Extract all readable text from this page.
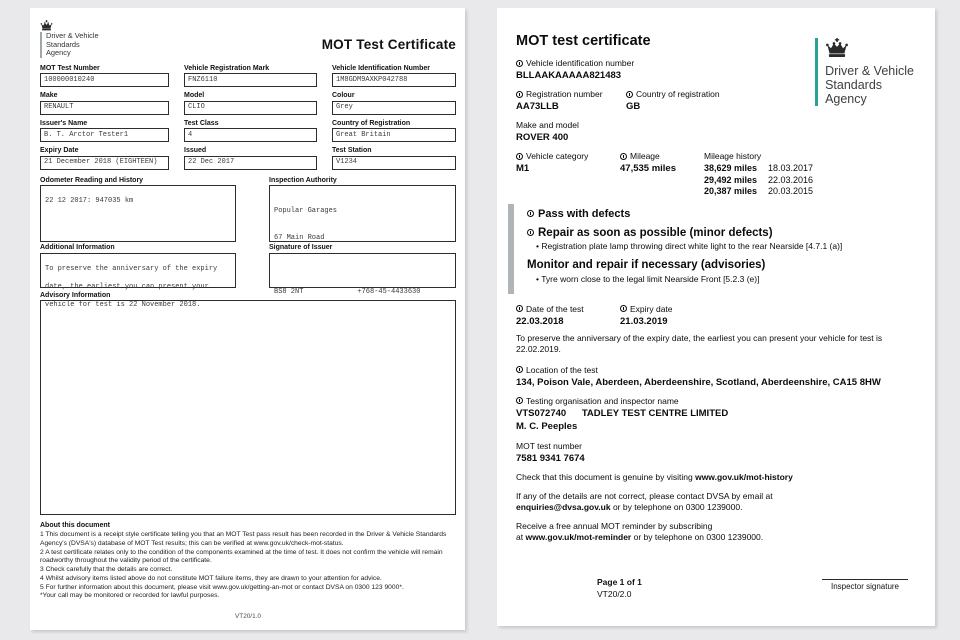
Driver & Vehicle
Standards
Agency
MOT Test Certificate
MOT Test Number
100000010240
Vehicle Registration Mark
FNZ6110
Vehicle Identification Number
1M8GDM9AXKP042788
Make
RENAULT
Model
CLIO
Colour
Grey
Issuer's Name
B. T. Arctor Tester1
Test Class
4
Country of Registration
Great Britain
Expiry Date
21 December 2018 (EIGHTEEN)
Issued
22 Dec 2017
Test Station
V1234
Odometer Reading and History
22 12 2017: 947035 km
Inspection Authority

Popular Garages

67 Main Road

BS8 2NT	+768-45-4433630

Additional Information
To preserve the anniversary of the expiry date, the earliest you can present your vehicle for test is 22 November 2018.
Signature of Issuer
Advisory Information
About this document
1 This document is a receipt style certificate telling you that an MOT Test pass result has been recorded in the Driver & Vehicle Standards Agency's (DVSA's) database of MOT Test results; this can be verified at www.gov.uk/check-mot-status.
2 A test certificate relates only to the condition of the components examined at the time of test. It does not confirm the vehicle will remain roadworthy throughout the validity period of the certificate.
3 Check carefully that the details are correct.
4 Whilst advisory items listed above do not constitute MOT failure items, they are drawn to your attention for advice.
5 For further information about this document, please visit www.gov.uk/getting-an-mot or contact DVSA on 0300 123 9000*.
*Your call may be monitored or recorded for lawful purposes.
VT20/1.0
Driver & Vehicle
Standards
Agency
MOT test certificate
Vehicle identification number
BLLAAKAAAAA821483
Registration number
AA73LLB
Country of registration
GB
Make and model
ROVER 400
Vehicle category
M1
Mileage
47,535 miles
Mileage history
38,629 miles	18.03.2017
29,492 miles	22.03.2016
20,387 miles	20.03.2015
Pass with defects
Repair as soon as possible (minor defects)
• Registration plate lamp throwing direct white light to the rear Nearside [4.7.1 (a)]
Monitor and repair if necessary (advisories)
• Tyre worn close to the legal limit Nearside Front [5.2.3 (e)]
Date of the test
22.03.2018
Expiry date
21.03.2019
To preserve the anniversary of the expiry date, the earliest you can present your vehicle for test is 22.02.2019.
Location of the test
134, Poison Vale, Aberdeen, Aberdeenshire, Scotland, Aberdeenshire, CA15 8HW
Testing organisation and inspector name
VTS072740 TADLEY TEST CENTRE LIMITED
M. C. Peeples
MOT test number
7581 9341 7674
Check that this document is genuine by visiting www.gov.uk/mot-history
If any of the details are not correct, please contact DVSA by email at
enquiries@dvsa.gov.uk or by telephone on 0300 1239000.
Receive a free annual MOT reminder by subscribing
at www.gov.uk/mot-reminder or by telephone on 0300 1239000.
Page 1 of 1
VT20/2.0
Inspector signature
